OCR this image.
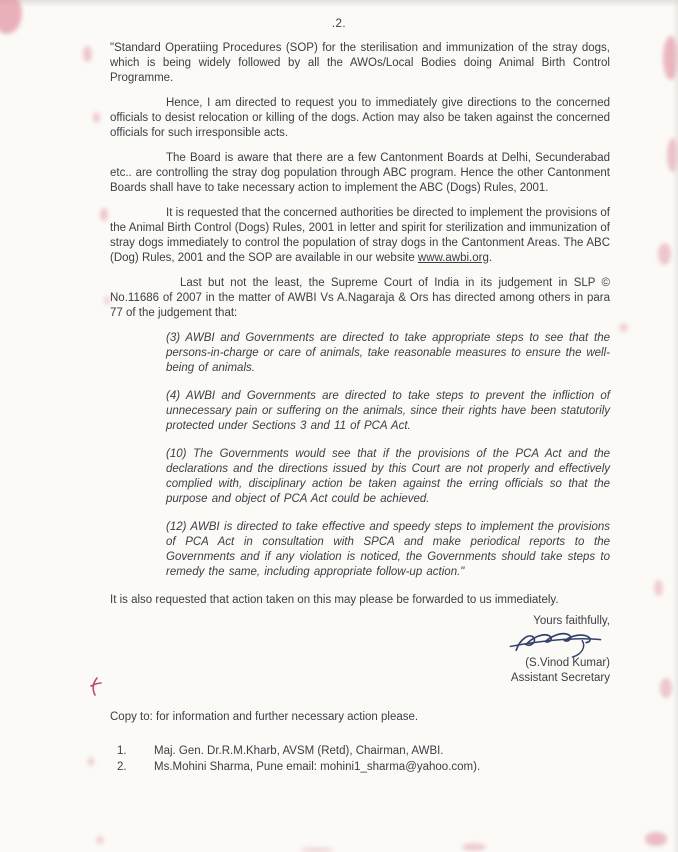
.2.

"Standard Operatiing Procedures (SOP) for the sterilisation and immunization of the stray dogs, which is being widely followed by all the AWOs/Local Bodies doing Animal Birth Control Programme.

Hence, I am directed to request you to immediately give directions to the concerned officials to desist relocation or killing of the dogs. Action may also be taken against the concerned officials for such irresponsible acts.

The Board is aware that there are a few Cantonment Boards at Delhi, Secunderabad etc.. are controlling the stray dog population through ABC program. Hence the other Cantonment Boards shall have to take necessary action to implement the ABC (Dogs) Rules, 2001.

It is requested that the concerned authorities be directed to implement the provisions of the Animal Birth Control (Dogs) Rules, 2001 in letter and spirit for sterilization and immunization of stray dogs immediately to control the population of stray dogs in the Cantonment Areas. The ABC (Dog) Rules, 2001 and the SOP are available in our website www.awbi.org.

Last but not the least, the Supreme Court of India in its judgement in SLP © No.11686 of 2007 in the matter of AWBI Vs A.Nagaraja & Ors has directed among others in para 77 of the judgement that:

(3) AWBI and Governments are directed to take appropriate steps to see that the persons-in-charge or care of animals, take reasonable measures to ensure the well-being of animals.

(4) AWBI and Governments are directed to take steps to prevent the infliction of unnecessary pain or suffering on the animals, since their rights have been statutorily protected under Sections 3 and 11 of PCA Act.

(10) The Governments would see that if the provisions of the PCA Act and the declarations and the directions issued by this Court are not properly and effectively complied with, disciplinary action be taken against the erring officials so that the purpose and object of PCA Act could be achieved.

(12) AWBI is directed to take effective and speedy steps to implement the provisions of PCA Act in consultation with SPCA and make periodical reports to the Governments and if any violation is noticed, the Governments should take steps to remedy the same, including appropriate follow-up action."

It is also requested that action taken on this may please be forwarded to us immediately.

Yours faithfully,
(S.Vinod Kumar)
Assistant Secretary
Copy to: for information and further necessary action please.
1.	Maj. Gen. Dr.R.M.Kharb, AVSM (Retd), Chairman, AWBI.
2.	Ms.Mohini Sharma, Pune email: mohini1_sharma@yahoo.com).
